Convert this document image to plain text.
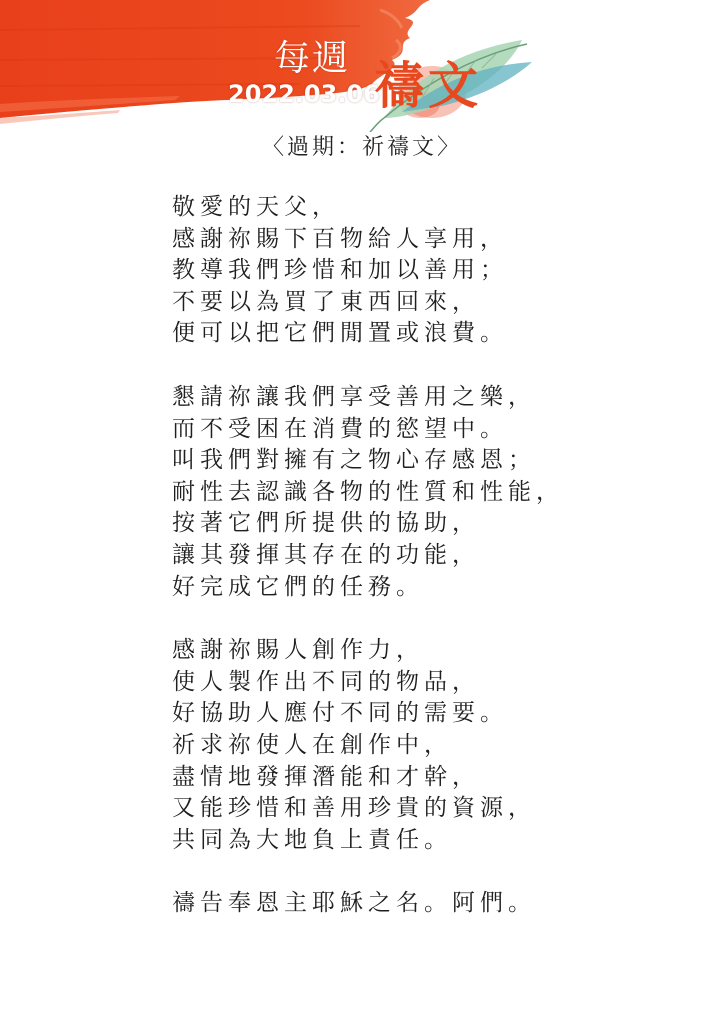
每週 禱文
2022.03.06
〈過期：祈禱文〉
敬愛的天父，
感謝祢賜下百物給人享用，
教導我們珍惜和加以善用；
不要以為買了東西回來，
便可以把它們閒置或浪費。
懇請祢讓我們享受善用之樂，
而不受困在消費的慾望中。
叫我們對擁有之物心存感恩；
耐性去認識各物的性質和性能，
按著它們所提供的協助，
讓其發揮其存在的功能，
好完成它們的任務。
感謝祢賜人創作力，
使人製作出不同的物品，
好協助人應付不同的需要。
祈求祢使人在創作中，
盡情地發揮潛能和才幹，
又能珍惜和善用珍貴的資源，
共同為大地負上責任。
禱告奉恩主耶穌之名。阿們。
